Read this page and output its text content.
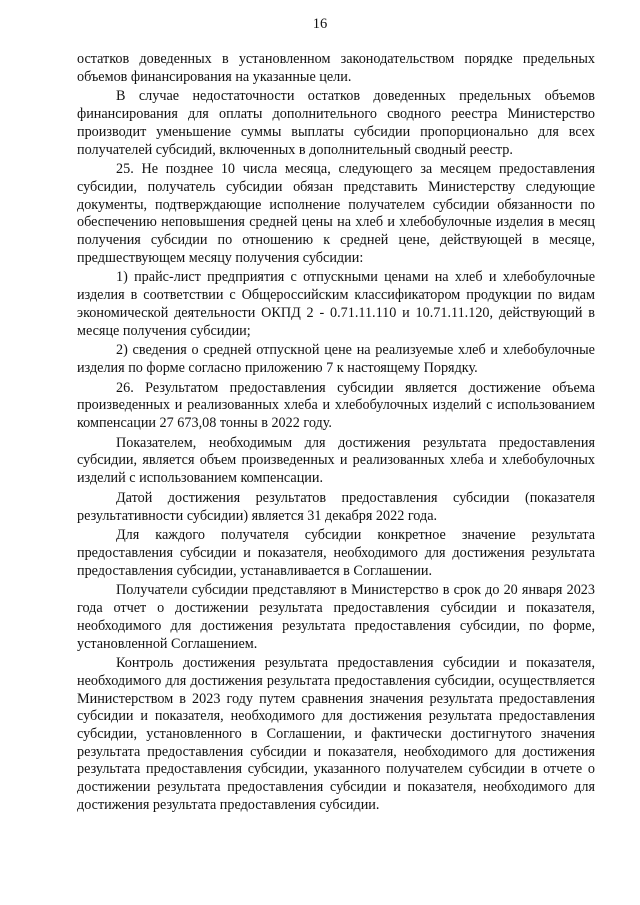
16

остатков доведенных в установленном законодательством порядке предельных объемов финансирования на указанные цели.

В случае недостаточности остатков доведенных предельных объемов финансирования для оплаты дополнительного сводного реестра Министерство производит уменьшение суммы выплаты субсидии пропорционально для всех получателей субсидий, включенных в дополнительный сводный реестр.

25. Не позднее 10 числа месяца, следующего за месяцем предоставления субсидии, получатель субсидии обязан представить Министерству следующие документы, подтверждающие исполнение получателем субсидии обязанности по обеспечению неповышения средней цены на хлеб и хлебобулочные изделия в месяц получения субсидии по отношению к средней цене, действующей в месяце, предшествующем месяцу получения субсидии:

1) прайс-лист предприятия с отпускными ценами на хлеб и хлебобулочные изделия в соответствии с Общероссийским классификатором продукции по видам экономической деятельности ОКПД 2 - 0.71.11.110 и 10.71.11.120, действующий в месяце получения субсидии;

2) сведения о средней отпускной цене на реализуемые хлеб и хлебобулочные изделия по форме согласно приложению 7 к настоящему Порядку.

26. Результатом предоставления субсидии является достижение объема произведенных и реализованных хлеба и хлебобулочных изделий с использованием компенсации 27 673,08 тонны в 2022 году.

Показателем, необходимым для достижения результата предоставления субсидии, является объем произведенных и реализованных хлеба и хлебобулочных изделий с использованием компенсации.

Датой достижения результатов предоставления субсидии (показателя результативности субсидии) является 31 декабря 2022 года.

Для каждого получателя субсидии конкретное значение результата предоставления субсидии и показателя, необходимого для достижения результата предоставления субсидии, устанавливается в Соглашении.

Получатели субсидии представляют в Министерство в срок до 20 января 2023 года отчет о достижении результата предоставления субсидии и показателя, необходимого для достижения результата предоставления субсидии, по форме, установленной Соглашением.

Контроль достижения результата предоставления субсидии и показателя, необходимого для достижения результата предоставления субсидии, осуществляется Министерством в 2023 году путем сравнения значения результата предоставления субсидии и показателя, необходимого для достижения результата предоставления субсидии, установленного в Соглашении, и фактически достигнутого значения результата предоставления субсидии и показателя, необходимого для достижения результата предоставления субсидии, указанного получателем субсидии в отчете о достижении результата предоставления субсидии и показателя, необходимого для достижения результата предоставления субсидии.
